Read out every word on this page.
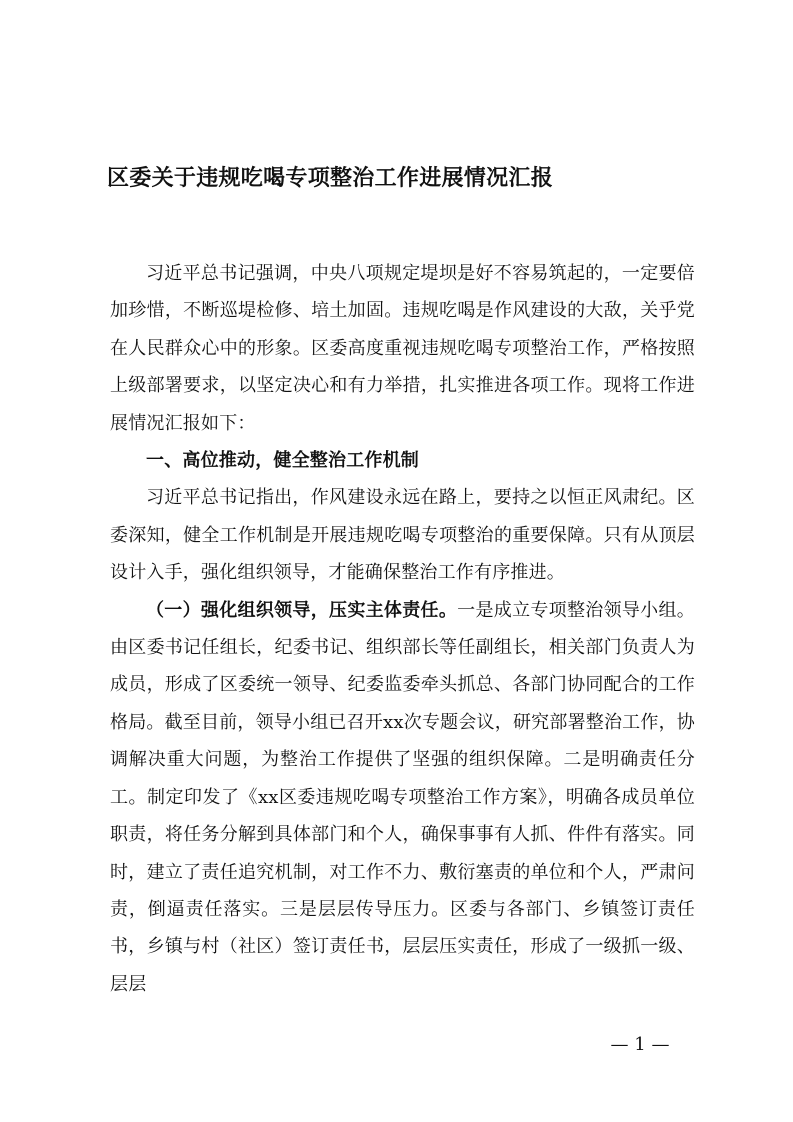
区委关于违规吃喝专项整治工作进展情况汇报

习近平总书记强调，中央八项规定堤坝是好不容易筑起的，一定要倍加珍惜，不断巡堤检修、培土加固。违规吃喝是作风建设的大敌，关乎党在人民群众心中的形象。区委高度重视违规吃喝专项整治工作，严格按照上级部署要求，以坚定决心和有力举措，扎实推进各项工作。现将工作进展情况汇报如下：

一、高位推动，健全整治工作机制

习近平总书记指出，作风建设永远在路上，要持之以恒正风肃纪。区委深知，健全工作机制是开展违规吃喝专项整治的重要保障。只有从顶层设计入手，强化组织领导，才能确保整治工作有序推进。

（一）强化组织领导，压实主体责任。一是成立专项整治领导小组。由区委书记任组长，纪委书记、组织部长等任副组长，相关部门负责人为成员，形成了区委统一领导、纪委监委牵头抓总、各部门协同配合的工作格局。截至目前，领导小组已召开xx次专题会议，研究部署整治工作，协调解决重大问题，为整治工作提供了坚强的组织保障。二是明确责任分工。制定印发了《xx区委违规吃喝专项整治工作方案》，明确各成员单位职责，将任务分解到具体部门和个人，确保事事有人抓、件件有落实。同时，建立了责任追究机制，对工作不力、敷衍塞责的单位和个人，严肃问责，倒逼责任落实。三是层层传导压力。区委与各部门、乡镇签订责任书，乡镇与村（社区）签订责任书，层层压实责任，形成了一级抓一级、层层

— 1 —
